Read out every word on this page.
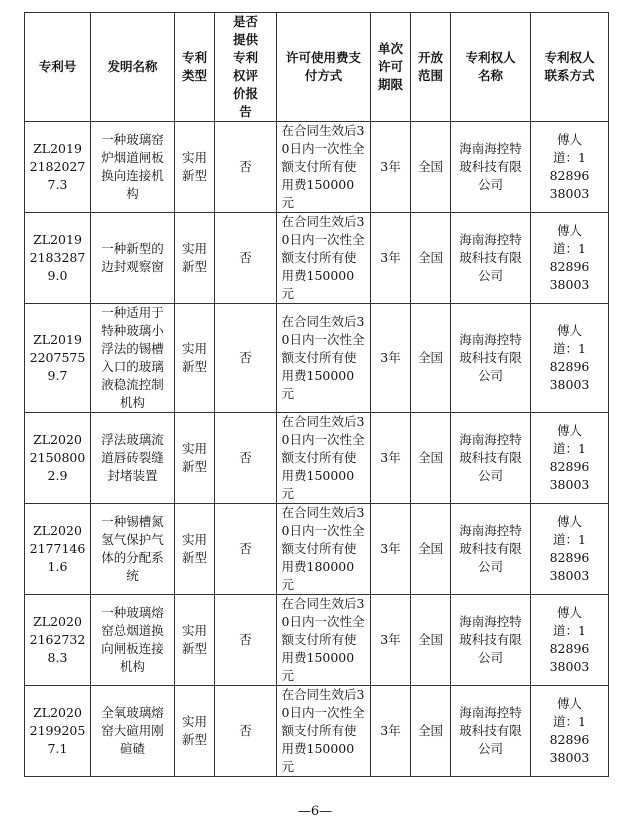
专利号	发明名称	专利类型	是否提供专利权评价报告	许可使用费支付方式	单次许可期限	开放范围	专利权人名称	专利权人联系方式
ZL201921820277.3	一种玻璃窑炉烟道闸板换向连接机构	实用新型	否	在合同生效后30日内一次性全额支付所有使用费150000元	3年	全国	海南海控特玻科技有限公司	傅人道：18289638003
ZL201921832879.0	一种新型的边封观察窗	实用新型	否	在合同生效后30日内一次性全额支付所有使用费150000元	3年	全国	海南海控特玻科技有限公司	傅人道：18289638003
ZL201922075759.7	一种适用于特种玻璃小浮法的锡槽入口的玻璃液稳流控制机构	实用新型	否	在合同生效后30日内一次性全额支付所有使用费150000元	3年	全国	海南海控特玻科技有限公司	傅人道：18289638003
ZL202021508002.9	浮法玻璃流道唇砖裂缝封堵装置	实用新型	否	在合同生效后30日内一次性全额支付所有使用费150000元	3年	全国	海南海控特玻科技有限公司	傅人道：18289638003
ZL202021771461.6	一种锡槽氮氢气保护气体的分配系统	实用新型	否	在合同生效后30日内一次性全额支付所有使用费180000元	3年	全国	海南海控特玻科技有限公司	傅人道：18289638003
ZL202021627328.3	一种玻璃熔窑总烟道换向闸板连接机构	实用新型	否	在合同生效后30日内一次性全额支付所有使用费150000元	3年	全国	海南海控特玻科技有限公司	傅人道：18289638003
ZL202021992057.1	全氧玻璃熔窑大碹用刚碹碴	实用新型	否	在合同生效后30日内一次性全额支付所有使用费150000元	3年	全国	海南海控特玻科技有限公司	傅人道：18289638003
—6—
